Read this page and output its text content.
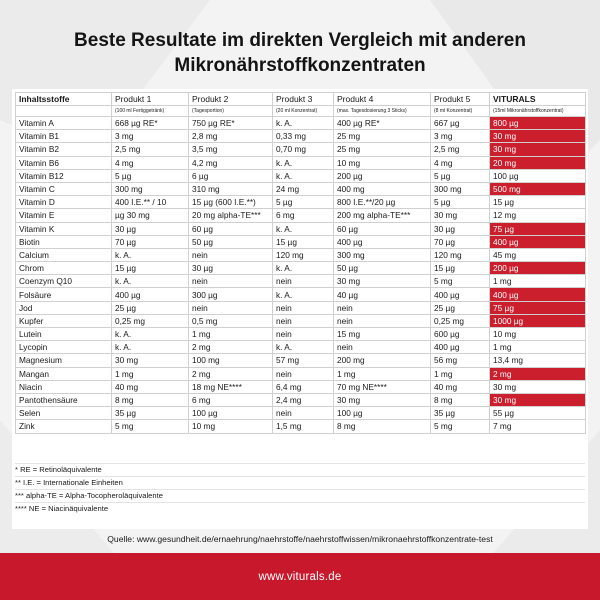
Beste Resultate im direkten Vergleich mit anderen
Mikronährstoffkonzentraten
Inhaltsstoffe	Produkt 1	Produkt 2	Produkt 3	Produkt 4	Produkt 5	VITURALS
	(100 ml Fertiggetränk)	(Tagesportion)	(20 ml Konzentrat)	(max. Tagesdosierung 3 Sticks)	(8 ml Konzentrat)	(15ml Mikronährstoffkonzentrat)
Vitamin A	668 µg RE*	750 µg RE*	k. A.	400 µg RE*	667 µg	800 µg
Vitamin B1	3 mg	2,8 mg	0,33 mg	25 mg	3 mg	30 mg
Vitamin B2	2,5 mg	3,5 mg	0,70 mg	25 mg	2,5 mg	30 mg
Vitamin B6	4 mg	4,2 mg	k. A.	10 mg	4 mg	20 mg
Vitamin B12	5 µg	6 µg	k. A.	200 µg	5 µg	100 µg
Vitamin C	300 mg	310 mg	24 mg	400 mg	300 mg	500 mg
Vitamin D	400 I.E.** / 10	15 µg (600 I.E.**)	5 µg	800 I.E.**/20 µg	5 µg	15 µg
Vitamin E	µg 30 mg	20 mg alpha-TE***	6 mg	200 mg alpha-TE***	30 mg	12 mg
Vitamin K	30 µg	60 µg	k. A.	60 µg	30 µg	75 µg
Biotin	70 µg	50 µg	15 µg	400 µg	70 µg	400 µg
Calcium	k. A.	nein	120 mg	300 mg	120 mg	45 mg
Chrom	15 µg	30 µg	k. A.	50 µg	15 µg	200 µg
Coenzym Q10	k. A.	nein	nein	30 mg	5 mg	1 mg
Folsäure	400 µg	300 µg	k. A.	40 µg	400 µg	400 µg
Jod	25 µg	nein	nein	nein	25 µg	75 µg
Kupfer	0,25 mg	0,5 mg	nein	nein	0,25 mg	1000 µg
Lutein	k. A.	1 mg	nein	15 mg	600 µg	10 mg
Lycopin	k. A.	2 mg	k. A.	nein	400 µg	1 mg
Magnesium	30 mg	100 mg	57 mg	200 mg	56 mg	13,4 mg
Mangan	1 mg	2 mg	nein	1 mg	1 mg	2 mg
Niacin	40 mg	18 mg NE****	6,4 mg	70 mg NE****	40 mg	30 mg
Pantothensäure	8 mg	6 mg	2,4 mg	30 mg	8 mg	30 mg
Selen	35 µg	100 µg	nein	100 µg	35 µg	55 µg
Zink	5 mg	10 mg	1,5 mg	8 mg	5 mg	7 mg
* RE = Retinoläquivalente
** I.E. = Internationale Einheiten
*** alpha-TE = Alpha-Tocopheroläquivalente
**** NE = Niacinäquivalente
Quelle: www.gesundheit.de/ernaehrung/naehrstoffe/naehrstoffwissen/mikronaehrstoffkonzentrate-test
www.viturals.de
